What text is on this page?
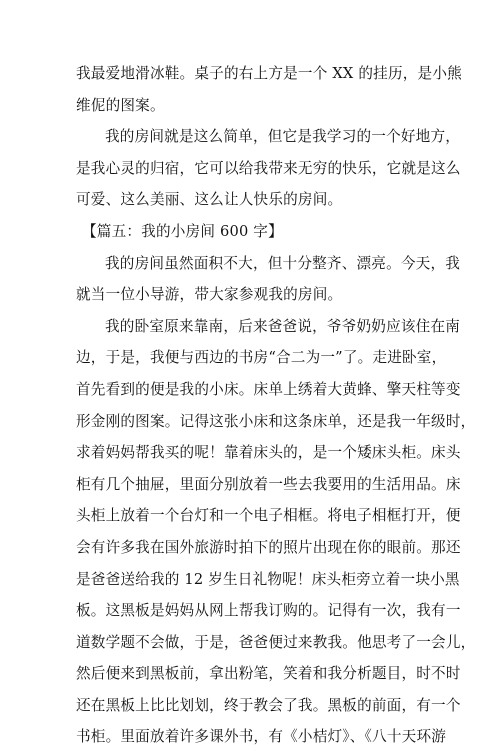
我最爱地滑冰鞋。桌子的右上方是一个 XX 的挂历，是小熊
维伲的图案。
我的房间就是这么简单，但它是我学习的一个好地方，
是我心灵的归宿，它可以给我带来无穷的快乐，它就是这么
可爱、这么美丽、这么让人快乐的房间。
【篇五：我的小房间 600 字】
我的房间虽然面积不大，但十分整齐、漂亮。今天，我
就当一位小导游，带大家参观我的房间。
我的卧室原来靠南，后来爸爸说，爷爷奶奶应该住在南
边，于是，我便与西边的书房“合二为一”了。走进卧室，
首先看到的便是我的小床。床单上绣着大黄蜂、擎天柱等变
形金刚的图案。记得这张小床和这条床单，还是我一年级时，
求着妈妈帮我买的呢！靠着床头的，是一个矮床头柜。床头
柜有几个抽屉，里面分别放着一些去我要用的生活用品。床
头柜上放着一个台灯和一个电子相框。将电子相框打开，便
会有许多我在国外旅游时拍下的照片出现在你的眼前。那还
是爸爸送给我的 12 岁生日礼物呢！床头柜旁立着一块小黑
板。这黑板是妈妈从网上帮我订购的。记得有一次，我有一
道数学题不会做，于是，爸爸便过来教我。他思考了一会儿，
然后便来到黑板前，拿出粉笔，笑着和我分析题目，时不时
还在黑板上比比划划，终于教会了我。黑板的前面，有一个
书柜。里面放着许多课外书，有《小桔灯》、《八十天环游
